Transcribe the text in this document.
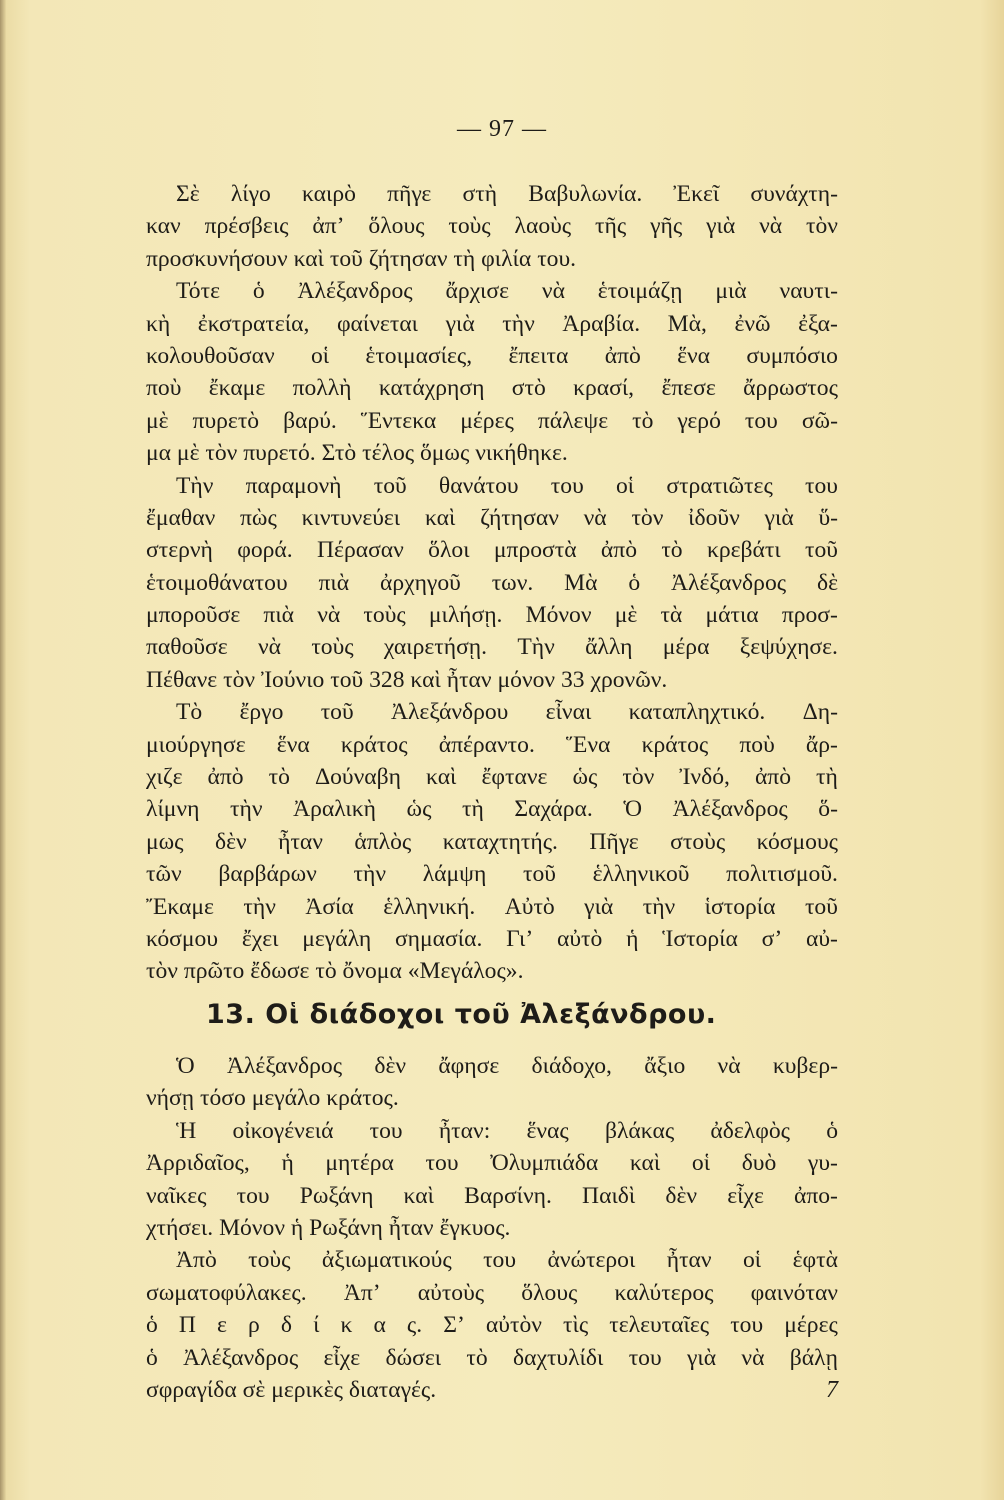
— 97 —
Σὲ λίγο καιρὸ πῆγε στὴ Βαβυλωνία. Ἐκεῖ συνάχτη-
καν πρέσβεις ἀπ’ ὅλους τοὺς λαοὺς τῆς γῆς γιὰ νὰ τὸν
προσκυνήσουν
καὶ
τοῦ
ζήτησαν
τὴ
φιλία
του.
Τότε ὁ Ἀλέξανδρος ἄρχισε νὰ ἑτοιμάζῃ μιὰ ναυτι-
κὴ ἐκστρατεία, φαίνεται γιὰ τὴν Ἀραβία. Μὰ, ἐνῶ ἐξα-
κολουθοῦσαν οἱ ἑτοιμασίες, ἔπειτα ἀπὸ ἕνα συμπόσιο
ποὺ ἔκαμε πολλὴ κατάχρηση στὸ κρασί, ἔπεσε ἄρρωστος
μὲ πυρετὸ βαρύ. Ἕντεκα μέρες πάλεψε τὸ γερό του σῶ-
μα
μὲ
τὸν
πυρετό.
Στὸ
τέλος
ὅμως
νικήθηκε.
Τὴν παραμονὴ τοῦ θανάτου του οἱ στρατιῶτες του
ἔμαθαν πὼς κιντυνεύει καὶ ζήτησαν νὰ τὸν ἰδοῦν γιὰ ὕ-
στερνὴ φορά. Πέρασαν ὅλοι μπροστὰ ἀπὸ τὸ κρεβάτι τοῦ
ἑτοιμοθάνατου πιὰ ἀρχηγοῦ των. Μὰ ὁ Ἀλέξανδρος δὲ
μποροῦσε πιὰ νὰ τοὺς μιλήσῃ. Μόνον μὲ τὰ μάτια προσ-
παθοῦσε νὰ τοὺς χαιρετήσῃ. Τὴν ἄλλη μέρα ξεψύχησε.
Πέθανε
τὸν
Ἰούνιο
τοῦ
328
καὶ
ἦταν
μόνον
33
χρονῶν.
Τὸ ἔργο τοῦ Ἀλεξάνδρου εἶναι καταπληχτικό. Δη-
μιούργησε ἕνα κράτος ἀπέραντο. Ἕνα κράτος ποὺ ἄρ-
χιζε ἀπὸ τὸ Δούναβη καὶ ἔφτανε ὡς τὸν Ἰνδό, ἀπὸ τὴ
λίμνη τὴν Ἀραλικὴ ὡς τὴ Σαχάρα. Ὁ Ἀλέξανδρος ὅ-
μως δὲν ἦταν ἁπλὸς καταχτητής. Πῆγε στοὺς κόσμους
τῶν βαρβάρων τὴν λάμψη τοῦ ἑλληνικοῦ πολιτισμοῦ.
Ἔκαμε τὴν Ἀσία ἑλληνική. Αὐτὸ γιὰ τὴν ἱστορία τοῦ
κόσμου ἔχει μεγάλη σημασία. Γι’ αὐτὸ ἡ Ἱστορία σ’ αὐ-
τὸν
πρῶτο
ἔδωσε
τὸ
ὄνομα
«Μεγάλος».
13. Οἱ διάδοχοι τοῦ Ἀλεξάνδρου.
Ὁ Ἀλέξανδρος δὲν ἄφησε διάδοχο, ἄξιο νὰ κυβερ-
νήσῃ
τόσο
μεγάλο
κράτος.
Ἡ οἰκογένειά του ἦταν: ἕνας βλάκας ἀδελφὸς ὁ
Ἀρριδαῖος, ἡ μητέρα του Ὀλυμπιάδα καὶ οἱ δυὸ γυ-
ναῖκες του Ρωξάνη καὶ Βαρσίνη. Παιδὶ δὲν εἶχε ἀπο-
χτήσει.
Μόνον
ἡ
Ρωξάνη
ἦταν
ἔγκυος.
Ἀπὸ τοὺς ἀξιωματικούς του ἀνώτεροι ἦταν οἱ ἑφτὰ
σωματοφύλακες. Ἀπ’ αὐτοὺς ὅλους καλύτερος φαινόταν
ὁ Π ε ρ δ ί κ α ς. Σ’ αὐτὸν τὶς τελευταῖες του μέρες
ὁ Ἀλέξανδρος εἶχε δώσει τὸ δαχτυλίδι του γιὰ νὰ βάλῃ
σφραγίδα
σὲ
μερικὲς
διαταγές.	7
